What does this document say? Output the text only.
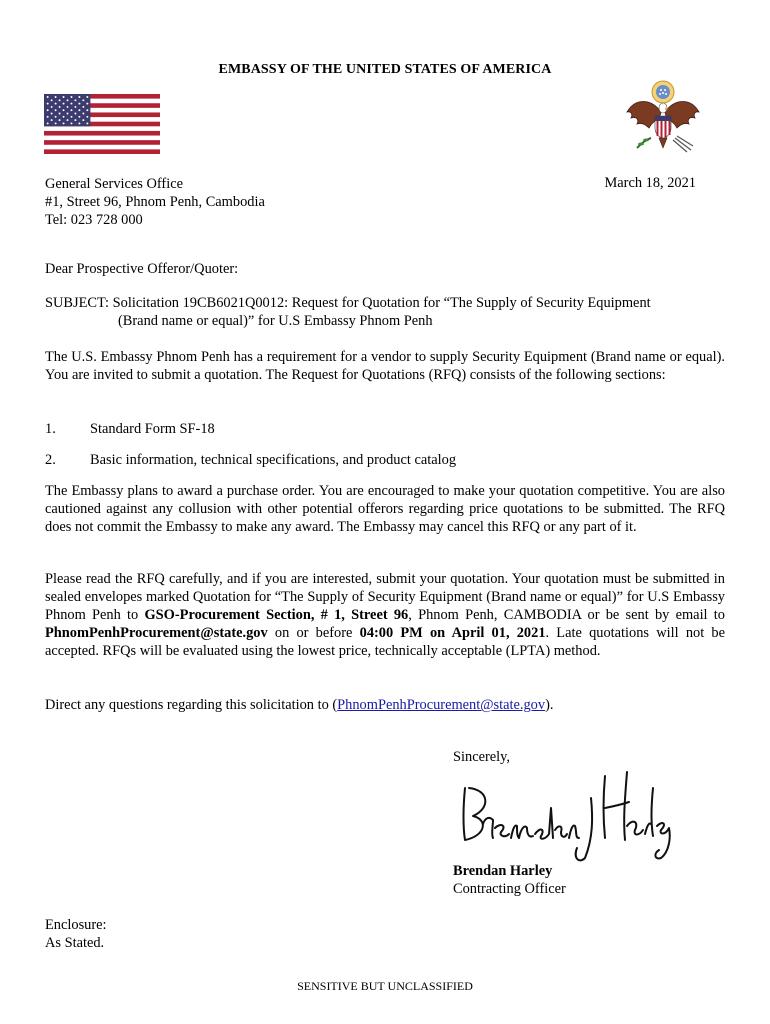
EMBASSY OF THE UNITED STATES OF AMERICA
General Services Office
#1, Street 96, Phnom Penh, Cambodia
Tel: 023 728 000
March 18, 2021
Dear Prospective Offeror/Quoter:
SUBJECT: Solicitation 19CB6021Q0012: Request for Quotation for “The Supply of Security Equipment
(Brand name or equal)” for U.S Embassy Phnom Penh
The U.S. Embassy Phnom Penh has a requirement for a vendor to supply Security Equipment (Brand name or equal). You are invited to submit a quotation. The Request for Quotations (RFQ) consists of the following sections:
1. Standard Form SF-18
2. Basic information, technical specifications, and product catalog
The Embassy plans to award a purchase order. You are encouraged to make your quotation competitive. You are also cautioned against any collusion with other potential offerors regarding price quotations to be submitted. The RFQ does not commit the Embassy to make any award. The Embassy may cancel this RFQ or any part of it.
Please read the RFQ carefully, and if you are interested, submit your quotation. Your quotation must be submitted in sealed envelopes marked Quotation for “The Supply of Security Equipment (Brand name or equal)” for U.S Embassy Phnom Penh to GSO-Procurement Section, # 1, Street 96, Phnom Penh, CAMBODIA or be sent by email to PhnomPenhProcurement@state.gov on or before 04:00 PM on April 01, 2021. Late quotations will not be accepted. RFQs will be evaluated using the lowest price, technically acceptable (LPTA) method.
Direct any questions regarding this solicitation to (PhnomPenhProcurement@state.gov).
Sincerely,
Brendan Harley
Contracting Officer
Enclosure:
As Stated.
SENSITIVE BUT UNCLASSIFIED
